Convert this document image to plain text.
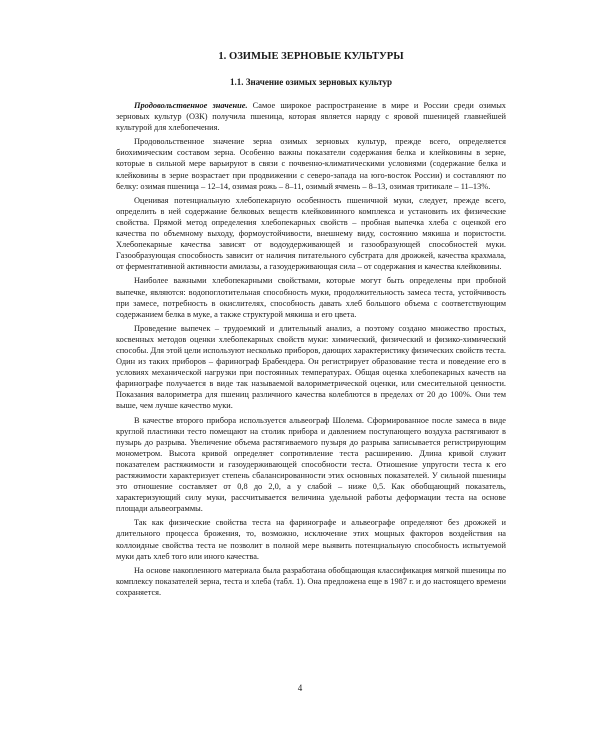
1. ОЗИМЫЕ ЗЕРНОВЫЕ КУЛЬТУРЫ
1.1. Значение озимых зерновых культур

Продовольственное значение. Самое широкое распространение в мире и России среди озимых зерновых культур (ОЗК) получила пшеница, которая является наряду с яровой пшеницей главнейшей культурой для хлебопечения.

Продовольственное значение зерна озимых зерновых культур, прежде всего, определяется биохимическим составом зерна. Особенно важны показатели содержания белка и клейковины в зерне, которые в сильной мере варьируют в связи с почвенно-климатическими условиями (содержание белка и клейковины в зерне возрастает при продвижении с северо-запада на юго-восток России) и составляют по белку: озимая пшеница – 12–14, озимая рожь – 8–11, озимый ячмень – 8–13, озимая тритикале – 11–13%.

Оценивая потенциальную хлебопекарную особенность пшеничной муки, следует, прежде всего, определить в ней содержание белковых веществ клейковинного комплекса и установить их физические свойства. Прямой метод определения хлебопекарных свойств – пробная выпечка хлеба с оценкой его качества по объемному выходу, формоустойчивости, внешнему виду, состоянию мякиша и пористости. Хлебопекарные качества зависят от водоудерживающей и газообразующей способностей муки. Газообразующая способность зависит от наличия питательного субстрата для дрожжей, качества крахмала, от ферментативной активности амилазы, а газоудерживающая сила – от содержания и качества клейковины.

Наиболее важными хлебопекарными свойствами, которые могут быть определены при пробной выпечке, являются: водопоглотительная способность муки, продолжительность замеса теста, устойчивость при замесе, потребность в окислителях, способность давать хлеб большого объема с соответствующим содержанием белка в муке, а также структурой мякиша и его цвета.

Проведение выпечек – трудоемкий и длительный анализ, а поэтому создано множество простых, косвенных методов оценки хлебопекарных свойств муки: химический, физический и физико-химический способы. Для этой цели используют несколько приборов, дающих характеристику физических свойств теста. Один из таких приборов – фаринограф Брабендера. Он регистрирует образование теста и поведение его в условиях механической нагрузки при постоянных температурах. Общая оценка хлебопекарных качеств на фаринографе получается в виде так называемой валориметрической оценки, или смесительной ценности. Показания валориметра для пшениц различного качества колеблются в пределах от 20 до 100%. Они тем выше, чем лучше качество муки.

В качестве второго прибора используется альвеограф Шолема. Сформированное после замеса в виде круглой пластинки тесто помещают на столик прибора и давлением поступающего воздуха растягивают в пузырь до разрыва. Увеличение объема растягиваемого пузыря до разрыва записывается регистрирующим монометром. Высота кривой определяет сопротивление теста расширению. Длина кривой служит показателем растяжимости и газоудерживающей способности теста. Отношение упругости теста к его растяжимости характеризует степень сбалансированности этих основных показателей. У сильной пшеницы это отношение составляет от 0,8 до 2,0, а у слабой – ниже 0,5. Как обобщающий показатель, характеризующий силу муки, рассчитывается величина удельной работы деформации теста на основе площади альвеограммы.

Так как физические свойства теста на фаринографе и альвеографе определяют без дрожжей и длительного процесса брожения, то, возможно, исключение этих мощных факторов воздействия на коллоидные свойства теста не позволит в полной мере выявить потенциальную способность испытуемой муки дать хлеб того или иного качества.

На основе накопленного материала была разработана обобщающая классификация мягкой пшеницы по комплексу показателей зерна, теста и хлеба (табл. 1). Она предложена еще в 1987 г. и до настоящего времени сохраняется.

4
